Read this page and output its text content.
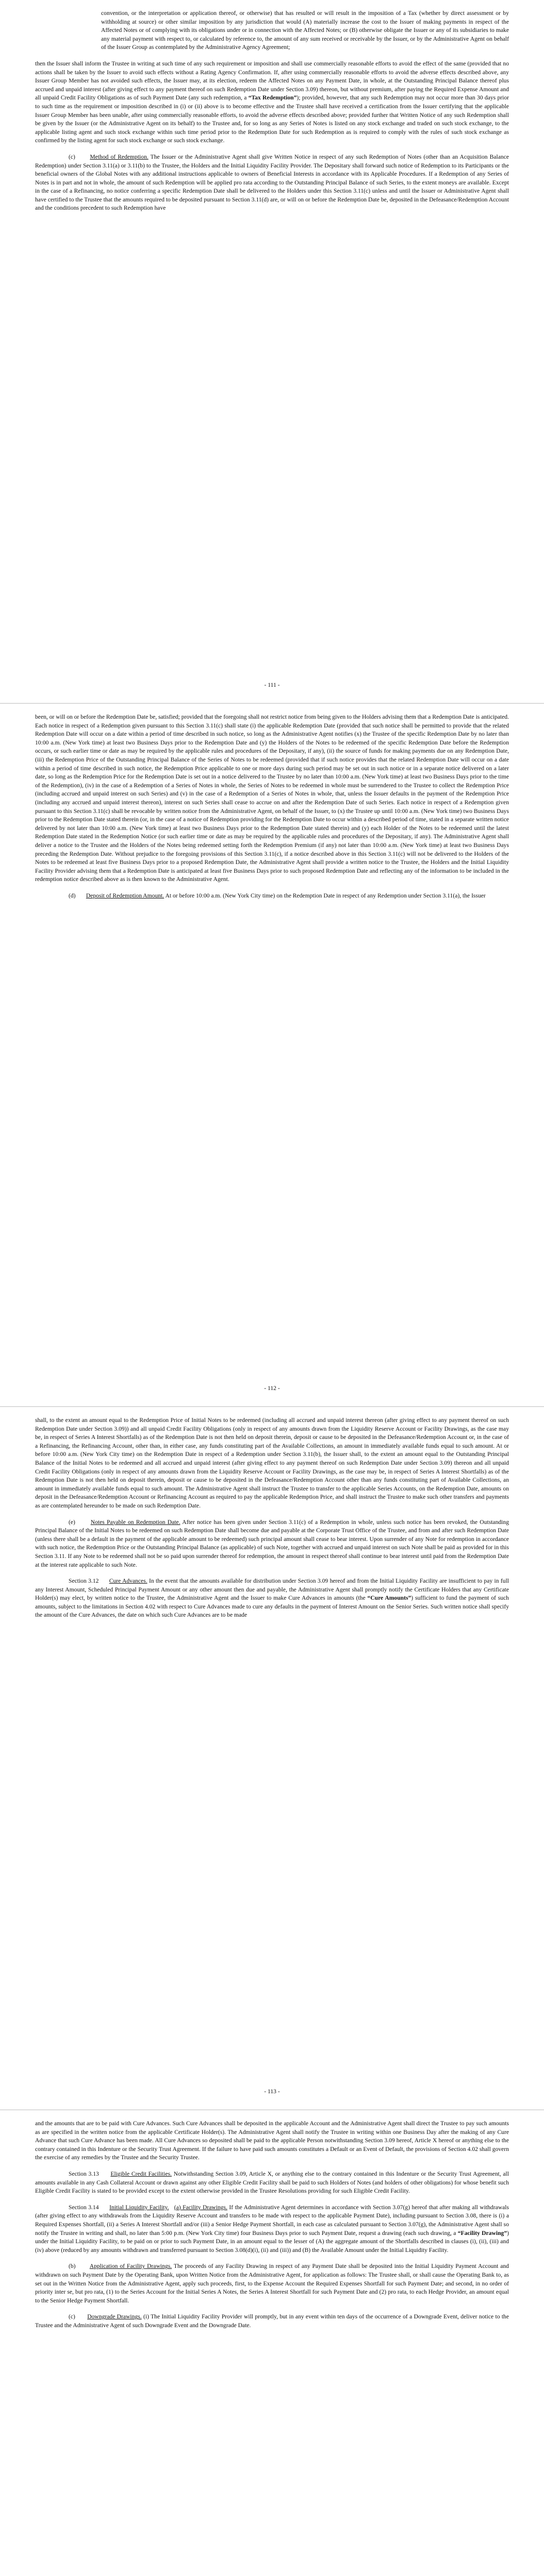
convention, or the interpretation or application thereof, or otherwise) that has resulted or will result in the imposition of a Tax (whether by direct assessment or by withholding at source) or other similar imposition by any jurisdiction that would (A) materially increase the cost to the Issuer of making payments in respect of the Affected Notes or of complying with its obligations under or in connection with the Affected Notes; or (B) otherwise obligate the Issuer or any of its subsidiaries to make any material payment with respect to, or calculated by reference to, the amount of any sum received or receivable by the Issuer, or by the Administrative Agent on behalf of the Issuer Group as contemplated by the Administrative Agency Agreement;

then the Issuer shall inform the Trustee in writing at such time of any such requirement or imposition and shall use commercially reasonable efforts to avoid the effect of the same (provided that no actions shall be taken by the Issuer to avoid such effects without a Rating Agency Confirmation. If, after using commercially reasonable efforts to avoid the adverse effects described above, any Issuer Group Member has not avoided such effects, the Issuer may, at its election, redeem the Affected Notes on any Payment Date, in whole, at the Outstanding Principal Balance thereof plus accrued and unpaid interest (after giving effect to any payment thereof on such Redemption Date under Section 3.09) thereon, but without premium, after paying the Required Expense Amount and all unpaid Credit Facility Obligations as of such Payment Date (any such redemption, a “Tax Redemption”); provided, however, that any such Redemption may not occur more than 30 days prior to such time as the requirement or imposition described in (i) or (ii) above is to become effective and the Trustee shall have received a certification from the Issuer certifying that the applicable Issuer Group Member has been unable, after using commercially reasonable efforts, to avoid the adverse effects described above; provided further that Written Notice of any such Redemption shall be given by the Issuer (or the Administrative Agent on its behalf) to the Trustee and, for so long as any Series of Notes is listed on any stock exchange and traded on such stock exchange, to the applicable listing agent and such stock exchange within such time period prior to the Redemption Date for such Redemption as is required to comply with the rules of such stock exchange as confirmed by the listing agent for such stock exchange or such stock exchange.

(c) Method of Redemption. The Issuer or the Administrative Agent shall give Written Notice in respect of any such Redemption of Notes (other than an Acquisition Balance Redemption) under Section 3.11(a) or 3.11(b) to the Trustee, the Holders and the Initial Liquidity Facility Provider. The Depositary shall forward such notice of Redemption to its Participants or the beneficial owners of the Global Notes with any additional instructions applicable to owners of Beneficial Interests in accordance with its Applicable Procedures. If a Redemption of any Series of Notes is in part and not in whole, the amount of such Redemption will be applied pro rata according to the Outstanding Principal Balance of such Series, to the extent moneys are available. Except in the case of a Refinancing, no notice conferring a specific Redemption Date shall be delivered to the Holders under this Section 3.11(c) unless and until the Issuer or Administrative Agent shall have certified to the Trustee that the amounts required to be deposited pursuant to Section 3.11(d) are, or will on or before the Redemption Date be, deposited in the Defeasance/Redemption Account and the conditions precedent to such Redemption have

- 111 -

been, or will on or before the Redemption Date be, satisfied; provided that the foregoing shall not restrict notice from being given to the Holders advising them that a Redemption Date is anticipated. Each notice in respect of a Redemption given pursuant to this Section 3.11(c) shall state (i) the applicable Redemption Date (provided that such notice shall be permitted to provide that the related Redemption Date will occur on a date within a period of time described in such notice, so long as the Administrative Agent notifies (x) the Trustee of the specific Redemption Date by no later than 10:00 a.m. (New York time) at least two Business Days prior to the Redemption Date and (y) the Holders of the Notes to be redeemed of the specific Redemption Date before the Redemption occurs, or such earlier time or date as may be required by the applicable rules and procedures of the Depositary, if any), (ii) the source of funds for making payments due on any Redemption Date, (iii) the Redemption Price of the Outstanding Principal Balance of the Series of Notes to be redeemed (provided that if such notice provides that the related Redemption Date will occur on a date within a period of time described in such notice, the Redemption Price applicable to one or more days during such period may be set out in such notice or in a separate notice delivered on a later date, so long as the Redemption Price for the Redemption Date is set out in a notice delivered to the Trustee by no later than 10:00 a.m. (New York time) at least two Business Days prior to the time of the Redemption), (iv) in the case of a Redemption of a Series of Notes in whole, the Series of Notes to be redeemed in whole must be surrendered to the Trustee to collect the Redemption Price (including accrued and unpaid interest on such Series) and (v) in the case of a Redemption of a Series of Notes in whole, that, unless the Issuer defaults in the payment of the Redemption Price (including any accrued and unpaid interest thereon), interest on such Series shall cease to accrue on and after the Redemption Date of such Series. Each notice in respect of a Redemption given pursuant to this Section 3.11(c) shall be revocable by written notice from the Administrative Agent, on behalf of the Issuer, to (x) the Trustee up until 10:00 a.m. (New York time) two Business Days prior to the Redemption Date stated therein (or, in the case of a notice of Redemption providing for the Redemption Date to occur within a described period of time, stated in a separate written notice delivered by not later than 10:00 a.m. (New York time) at least two Business Days prior to the Redemption Date stated therein) and (y) each Holder of the Notes to be redeemed until the latest Redemption Date stated in the Redemption Notice (or such earlier time or date as may be required by the applicable rules and procedures of the Depositary, if any). The Administrative Agent shall deliver a notice to the Trustee and the Holders of the Notes being redeemed setting forth the Redemption Premium (if any) not later than 10:00 a.m. (New York time) at least two Business Days preceding the Redemption Date. Without prejudice to the foregoing provisions of this Section 3.11(c), if a notice described above in this Section 3.11(c) will not be delivered to the Holders of the Notes to be redeemed at least five Business Days prior to a proposed Redemption Date, the Administrative Agent shall provide a written notice to the Trustee, the Holders and the Initial Liquidity Facility Provider advising them that a Redemption Date is anticipated at least five Business Days prior to such proposed Redemption Date and reflecting any of the information to be included in the redemption notice described above as is then known to the Administrative Agent.

(d) Deposit of Redemption Amount. At or before 10:00 a.m. (New York City time) on the Redemption Date in respect of any Redemption under Section 3.11(a), the Issuer

- 112 -

shall, to the extent an amount equal to the Redemption Price of Initial Notes to be redeemed (including all accrued and unpaid interest thereon (after giving effect to any payment thereof on such Redemption Date under Section 3.09)) and all unpaid Credit Facility Obligations (only in respect of any amounts drawn from the Liquidity Reserve Account or Facility Drawings, as the case may be, in respect of Series A Interest Shortfalls) as of the Redemption Date is not then held on deposit therein, deposit or cause to be deposited in the Defeasance/Redemption Account or, in the case of a Refinancing, the Refinancing Account, other than, in either case, any funds constituting part of the Available Collections, an amount in immediately available funds equal to such amount. At or before 10:00 a.m. (New York City time) on the Redemption Date in respect of a Redemption under Section 3.11(b), the Issuer shall, to the extent an amount equal to the Outstanding Principal Balance of the Initial Notes to be redeemed and all accrued and unpaid interest (after giving effect to any payment thereof on such Redemption Date under Section 3.09) thereon and all unpaid Credit Facility Obligations (only in respect of any amounts drawn from the Liquidity Reserve Account or Facility Drawings, as the case may be, in respect of Series A Interest Shortfalls) as of the Redemption Date is not then held on deposit therein, deposit or cause to be deposited in the Defeasance/Redemption Account other than any funds constituting part of Available Collections, an amount in immediately available funds equal to such amount. The Administrative Agent shall instruct the Trustee to transfer to the applicable Series Accounts, on the Redemption Date, amounts on deposit in the Defeasance/Redemption Account or Refinancing Account as required to pay the applicable Redemption Price, and shall instruct the Trustee to make such other transfers and payments as are contemplated hereunder to be made on such Redemption Date.

(e)	Notes Payable on Redemption Date. After notice has been given under Section 3.11(c) of a Redemption in whole, unless such notice has been revoked, the Outstanding Principal Balance of the Initial Notes to be redeemed on such Redemption Date shall become due and payable at the Corporate Trust Office of the Trustee, and from and after such Redemption Date (unless there shall be a default in the payment of the applicable amount to be redeemed) such principal amount shall cease to bear interest. Upon surrender of any Note for redemption in accordance with such notice, the Redemption Price or the Outstanding Principal Balance (as applicable) of such Note, together with accrued and unpaid interest on such Note shall be paid as provided for in this Section 3.11. If any Note to be redeemed shall not be so paid upon surrender thereof for redemption, the amount in respect thereof shall continue to bear interest until paid from the Redemption Date at the interest rate applicable to such Note.

Section 3.12 Cure Advances. In the event that the amounts available for distribution under Section 3.09 hereof and from the Initial Liquidity Facility are insufficient to pay in full any Interest Amount, Scheduled Principal Payment Amount or any other amount then due and payable, the Administrative Agent shall promptly notify the Certificate Holders that any Certificate Holder(s) may elect, by written notice to the Trustee, the Administrative Agent and the Issuer to make Cure Advances in amounts (the “Cure Amounts”) sufficient to fund the payment of such amounts, subject to the limitations in Section 4.02 with respect to Cure Advances made to cure any defaults in the payment of Interest Amount on the Senior Series. Such written notice shall specify the amount of the Cure Advances, the date on which such Cure Advances are to be made

- 113 -

and the amounts that are to be paid with Cure Advances. Such Cure Advances shall be deposited in the applicable Account and the Administrative Agent shall direct the Trustee to pay such amounts as are specified in the written notice from the applicable Certificate Holder(s). The Administrative Agent shall notify the Trustee in writing within one Business Day after the making of any Cure Advance that such Cure Advance has been made. All Cure Advances so deposited shall be paid to the applicable Person notwithstanding Section 3.09 hereof, Article X hereof or anything else to the contrary contained in this Indenture or the Security Trust Agreement. If the failure to have paid such amounts constitutes a Default or an Event of Default, the provisions of Section 4.02 shall govern the exercise of any remedies by the Trustee and the Security Trustee.

Section 3.13 Eligible Credit Facilities. Notwithstanding Section 3.09, Article X, or anything else to the contrary contained in this Indenture or the Security Trust Agreement, all amounts available in any Cash Collateral Account or drawn against any other Eligible Credit Facility shall be paid to such Holders of Notes (and holders of other obligations) for whose benefit such Eligible Credit Facility is stated to be provided except to the extent otherwise provided in the Trustee Resolutions providing for such Eligible Credit Facility.

Section 3.14 Initial Liquidity Facility. (a) Facility Drawings. If the Administrative Agent determines in accordance with Section 3.07(g) hereof that after making all withdrawals (after giving effect to any withdrawals from the Liquidity Reserve Account and transfers to be made with respect to the applicable Payment Date), including pursuant to Section 3.08, there is (i) a Required Expenses Shortfall, (ii) a Series A Interest Shortfall and/or (iii) a Senior Hedge Payment Shortfall, in each case as calculated pursuant to Section 3.07(g), the Administrative Agent shall so notify the Trustee in writing and shall, no later than 5:00 p.m. (New York City time) four Business Days prior to such Payment Date, request a drawing (each such drawing, a “Facility Drawing”) under the Initial Liquidity Facility, to be paid on or prior to such Payment Date, in an amount equal to the lesser of (A) the aggregate amount of the Shortfalls described in clauses (i), (ii), (iii) and (iv) above (reduced by any amounts withdrawn and transferred pursuant to Section 3.08(d)(i), (ii) and (iii)) and (B) the Available Amount under the Initial Liquidity Facility.

(b) Application of Facility Drawings. The proceeds of any Facility Drawing in respect of any Payment Date shall be deposited into the Initial Liquidity Payment Account and withdrawn on such Payment Date by the Operating Bank, upon Written Notice from the Administrative Agent, for application as follows: The Trustee shall, or shall cause the Operating Bank to, as set out in the Written Notice from the Administrative Agent, apply such proceeds, first, to the Expense Account the Required Expenses Shortfall for such Payment Date; and second, in no order of priority inter se, but pro rata, (1) to the Series Account for the Initial Series A Notes, the Series A Interest Shortfall for such Payment Date and (2) pro rata, to each Hedge Provider, an amount equal to the Senior Hedge Payment Shortfall.

(c) Downgrade Drawings. (i) The Initial Liquidity Facility Provider will promptly, but in any event within ten days of the occurrence of a Downgrade Event, deliver notice to the Trustee and the Administrative Agent of such Downgrade Event and the Downgrade Date.
